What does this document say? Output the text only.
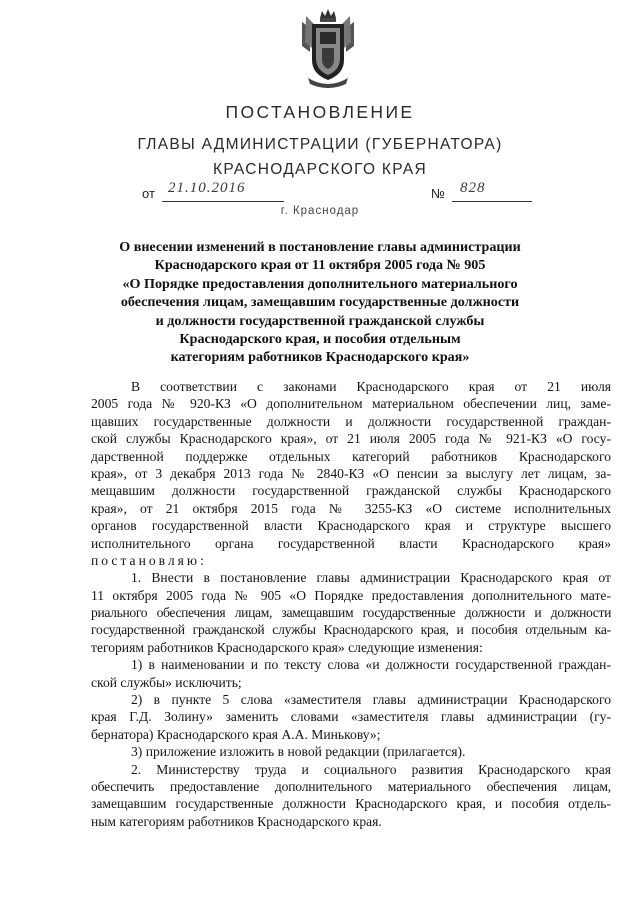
ПОСТАНОВЛЕНИЕ
ГЛАВЫ АДМИНИСТРАЦИИ (ГУБЕРНАТОРА)
КРАСНОДАРСКОГО КРАЯ
от 21.10.2016	№ 828
г. Краснодар
О внесении изменений в постановление главы администрации
Краснодарского края от 11 октября 2005 года № 905
«О Порядке предоставления дополнительного материального
обеспечения лицам, замещавшим государственные должности
и должности государственной гражданской службы
Краснодарского края, и пособия отдельным
категориям работников Краснодарского края»
В соответствии с законами Краснодарского края от 21 июля
2005 года № 920-КЗ «О дополнительном материальном обеспечении лиц, заме-
щавших государственные должности и должности государственной граждан-
ской службы Краснодарского края», от 21 июля 2005 года № 921-КЗ «О госу-
дарственной поддержке отдельных категорий работников Краснодарского
края», от 3 декабря 2013 года № 2840-КЗ «О пенсии за выслугу лет лицам, за-
мещавшим должности государственной гражданской службы Краснодарского
края», от 21 октября 2015 года № 3255-КЗ «О системе исполнительных
органов государственной власти Краснодарского края и структуре высшего
исполнительного органа государственной власти Краснодарского края»
постановляю:
1. Внести в постановление главы администрации Краснодарского края от
11 октября 2005 года № 905 «О Порядке предоставления дополнительного мате-
риального обеспечения лицам, замещавшим государственные должности и должности
государственной гражданской службы Краснодарского края, и пособия отдельным ка-
тегориям работников Краснодарского края» следующие изменения:
1) в наименовании и по тексту слова «и должности государственной граждан-
ской службы» исключить;
2) в пункте 5 слова «заместителя главы администрации Краснодарского
края Г.Д. Золину» заменить словами «заместителя главы администрации (гу-
бернатора) Краснодарского края А.А. Минькову»;
3) приложение изложить в новой редакции (прилагается).
2. Министерству труда и социального развития Краснодарского края
обеспечить предоставление дополнительного материального обеспечения лицам,
замещавшим государственные должности Краснодарского края, и пособия отдель-
ным категориям работников Краснодарского края.
